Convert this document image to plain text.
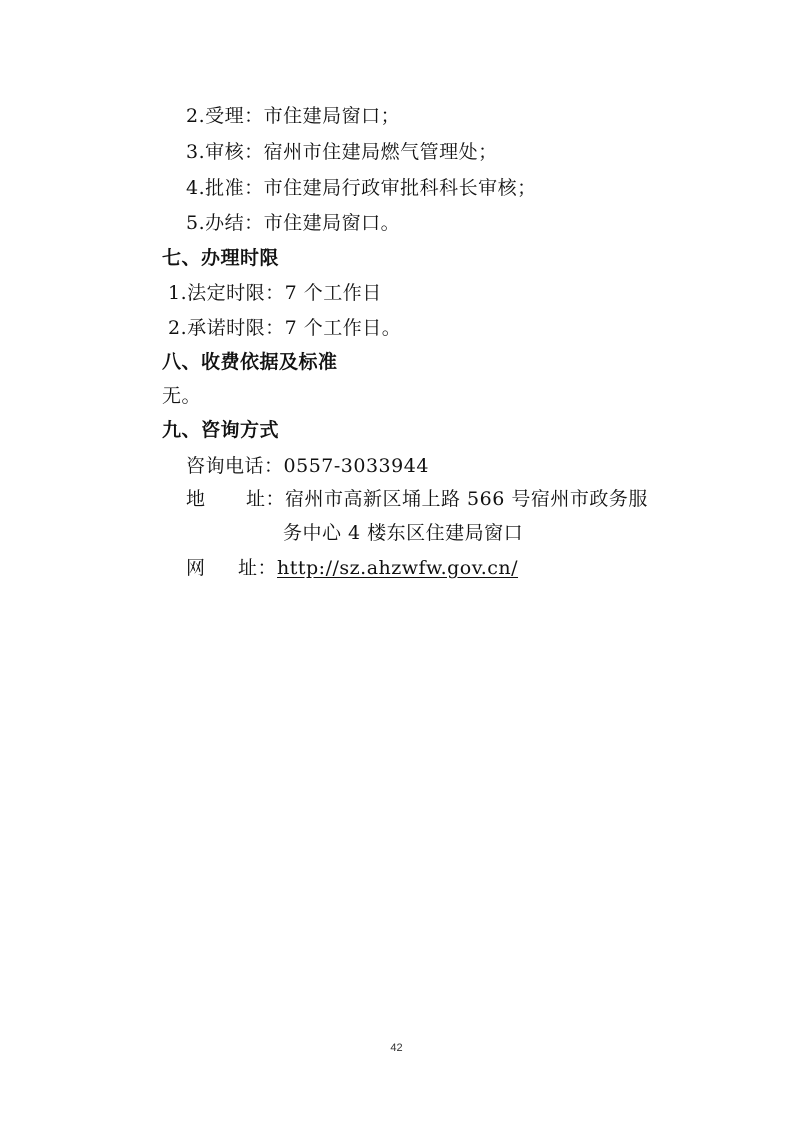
2.受理：市住建局窗口；
3.审核：宿州市住建局燃气管理处；
4.批准：市住建局行政审批科科长审核；
5.办结：市住建局窗口。
七、办理时限
1.法定时限：7 个工作日
2.承诺时限：7 个工作日。
八、收费依据及标准
无。
九、咨询方式
咨询电话：0557-3033944
地 址：宿州市高新区埇上路 566 号宿州市政务服
务中心 4 楼东区住建局窗口
网 址：http://sz.ahzwfw.gov.cn/
42
